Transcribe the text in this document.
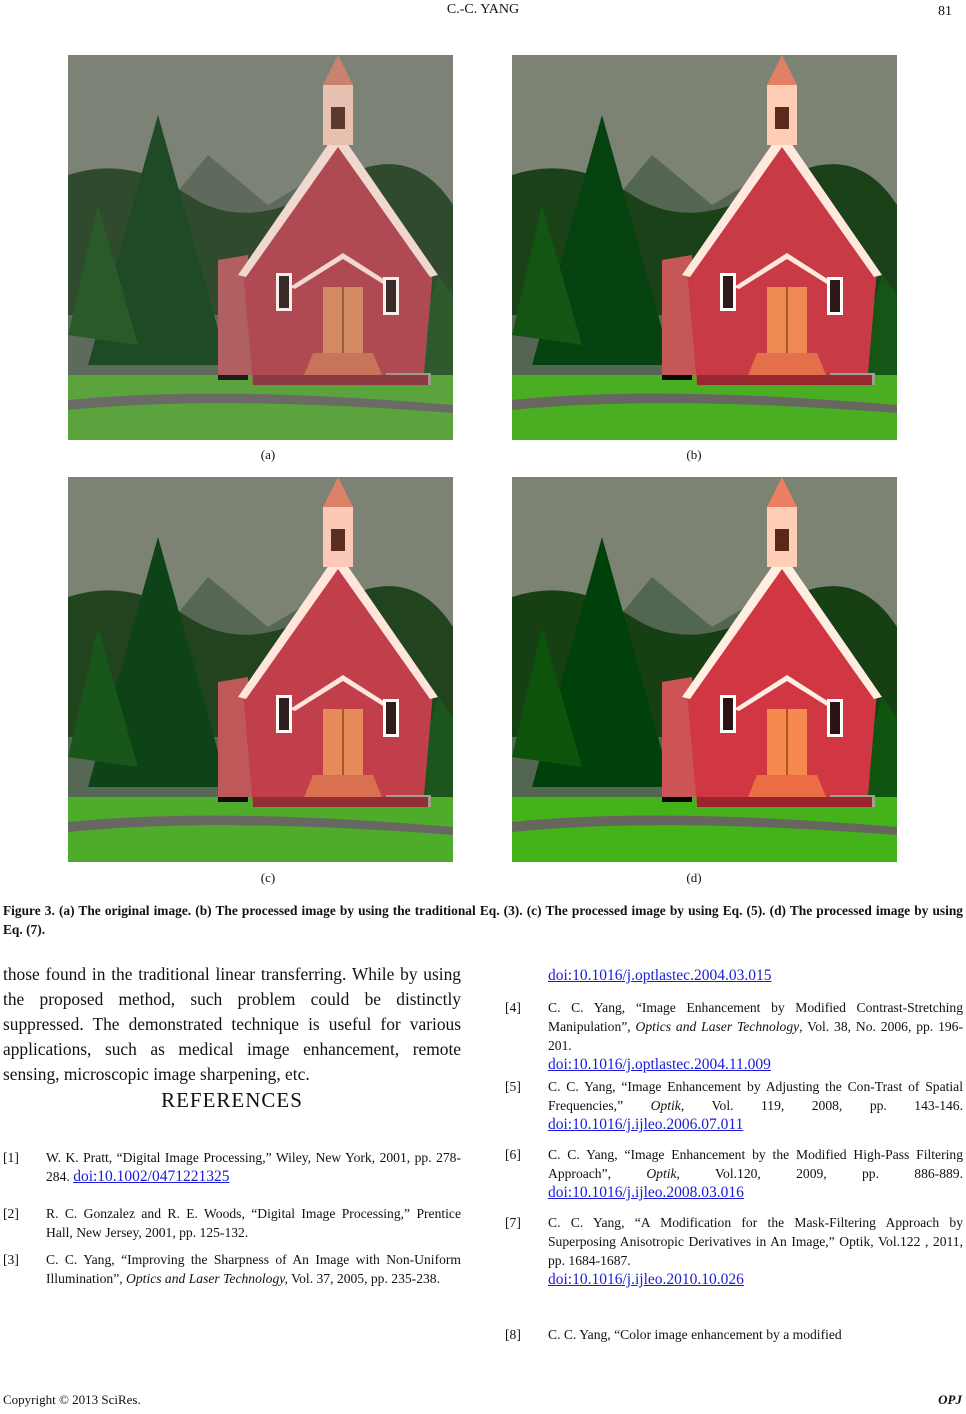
C.-C. YANG	81
(a)	(b)
(c)	(d)
Figure 3. (a) The original image. (b) The processed image by using the traditional Eq. (3). (c) The processed image by using Eq. (5). (d) The processed image by using Eq. (7).

those found in the traditional linear transferring. While by using the proposed method, such problem could be distinctly suppressed. The demonstrated technique is useful for various applications, such as medical image enhancement, remote sensing, microscopic image sharpening, etc.

REFERENCES
[1] W. K. Pratt, “Digital Image Processing,” Wiley, New York, 2001, pp. 278-284. doi:10.1002/0471221325
[2] R. C. Gonzalez and R. E. Woods, “Digital Image Processing,” Prentice Hall, New Jersey, 2001, pp. 125-132.
[3] C. C. Yang, “Improving the Sharpness of An Image with Non-Uniform Illumination”, Optics and Laser Technology, Vol. 37, 2005, pp. 235-238.
doi:10.1016/j.optlastec.2004.03.015
[4] C. C. Yang, “Image Enhancement by Modified Contrast-Stretching Manipulation”, Optics and Laser Technology, Vol. 38, No. 2006, pp. 196-201.
doi:10.1016/j.optlastec.2004.11.009
[5] C. C. Yang, “Image Enhancement by Adjusting the Con-Trast of Spatial Frequencies,” Optik, Vol. 119, 2008, pp. 143-146. doi:10.1016/j.ijleo.2006.07.011
[6] C. C. Yang, “Image Enhancement by the Modified High-Pass Filtering Approach”, Optik, Vol.120, 2009, pp. 886-889. doi:10.1016/j.ijleo.2008.03.016
[7] C. C. Yang, “A Modification for the Mask-Filtering Approach by Superposing Anisotropic Derivatives in An Image,” Optik, Vol.122 , 2011, pp. 1684-1687.
doi:10.1016/j.ijleo.2010.10.026
[8] C. C. Yang, “Color image enhancement by a modified
Copyright © 2013 SciRes.	OPJ
